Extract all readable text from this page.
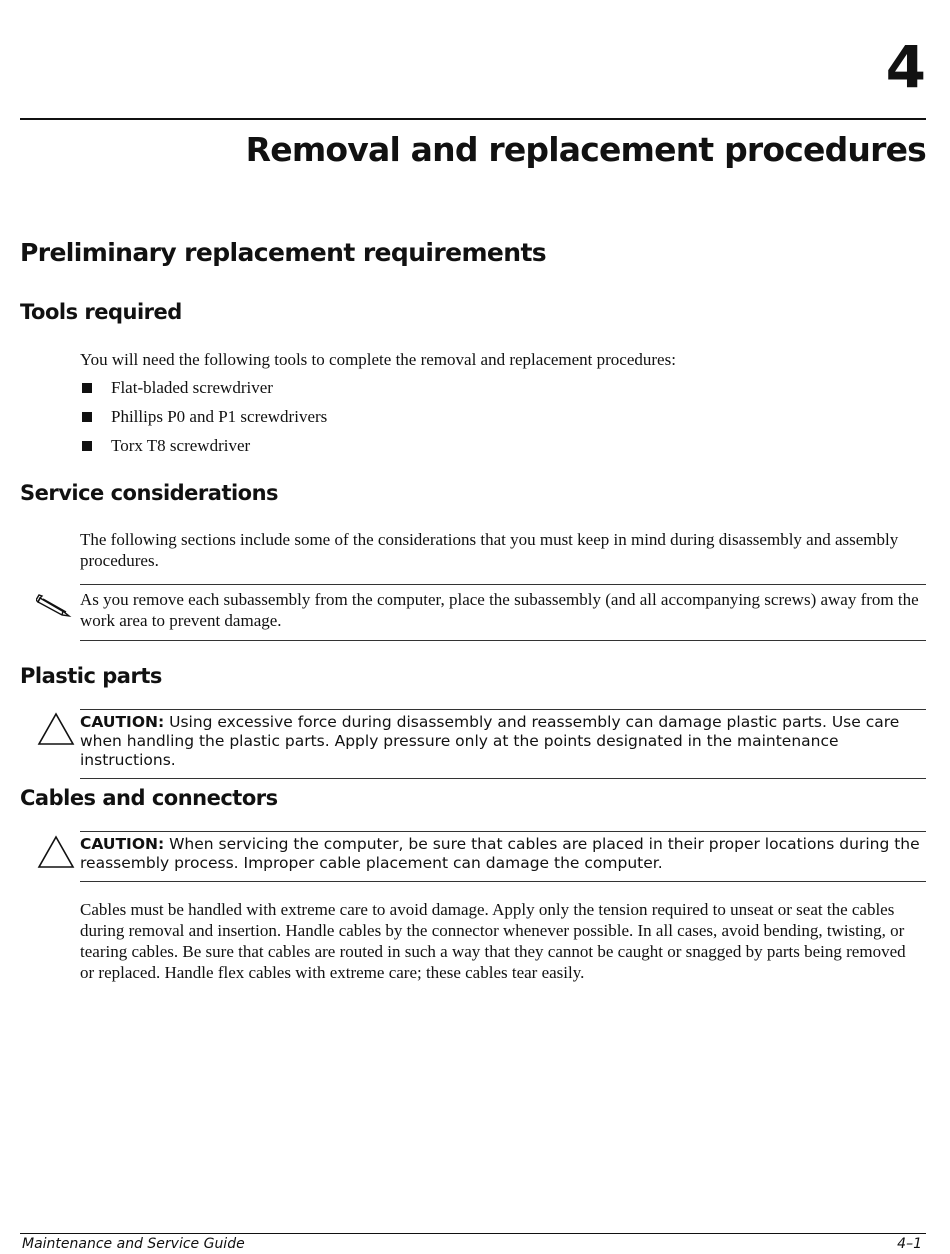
4
Removal and replacement procedures
Preliminary replacement requirements
Tools required
You will need the following tools to complete the removal and replacement procedures:
Flat-bladed screwdriver
Phillips P0 and P1 screwdrivers
Torx T8 screwdriver
Service considerations
The following sections include some of the considerations that you must keep in mind during disassembly and assembly procedures.
As you remove each subassembly from the computer, place the subassembly (and all accompanying screws) away from the work area to prevent damage.
Plastic parts
CAUTION: Using excessive force during disassembly and reassembly can damage plastic parts. Use care when handling the plastic parts. Apply pressure only at the points designated in the maintenance instructions.
Cables and connectors
CAUTION: When servicing the computer, be sure that cables are placed in their proper locations during the reassembly process. Improper cable placement can damage the computer.
Cables must be handled with extreme care to avoid damage. Apply only the tension required to unseat or seat the cables during removal and insertion. Handle cables by the connector whenever possible. In all cases, avoid bending, twisting, or tearing cables. Be sure that cables are routed in such a way that they cannot be caught or snagged by parts being removed or replaced. Handle flex cables with extreme care; these cables tear easily.
Maintenance and Service Guide	4–1
